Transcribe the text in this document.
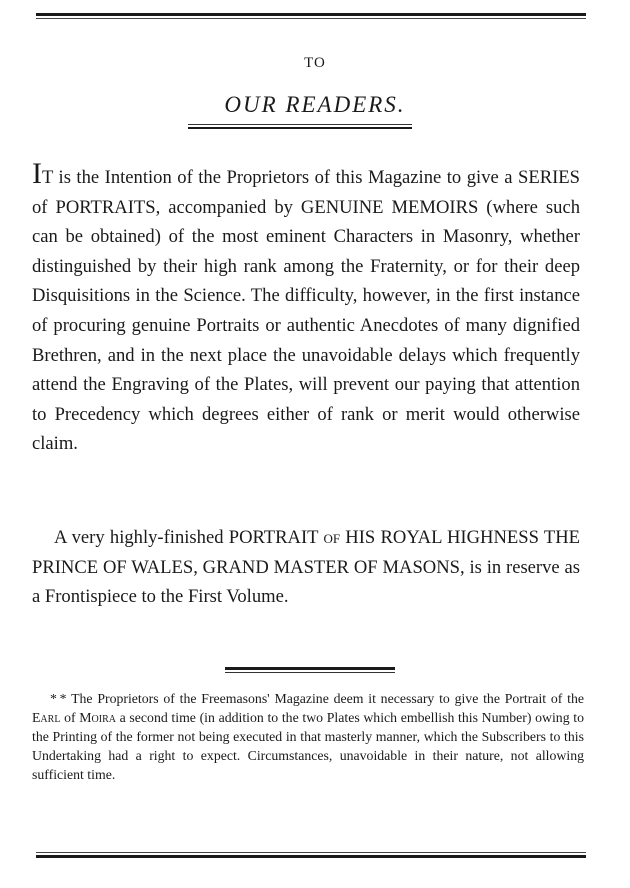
TO
OUR READERS.

IT is the Intention of the Proprietors of this Magazine to give a SERIES of PORTRAITS, accompanied by GENUINE MEMOIRS (where such can be obtained) of the most eminent Characters in Masonry, whether distinguished by their high rank among the Fraternity, or for their deep Disquisitions in the Science. The difficulty, however, in the first instance of procuring genuine Portraits or authentic Anecdotes of many dignified Brethren, and in the next place the unavoidable delays which frequently attend the Engraving of the Plates, will prevent our paying that attention to Precedency which degrees either of rank or merit would otherwise claim.

A very highly-finished PORTRAIT of HIS ROYAL HIGHNESS THE PRINCE OF WALES, GRAND MASTER OF MASONS, is in reserve as a Frontispiece to the First Volume.

* * The Proprietors of the Freemasons' Magazine deem it necessary to give the Portrait of the Earl of Moira a second time (in addition to the two Plates which embellish this Number) owing to the Printing of the former not being executed in that masterly manner, which the Subscribers to this Undertaking had a right to expect. Circumstances, unavoidable in their nature, not allowing sufficient time.
